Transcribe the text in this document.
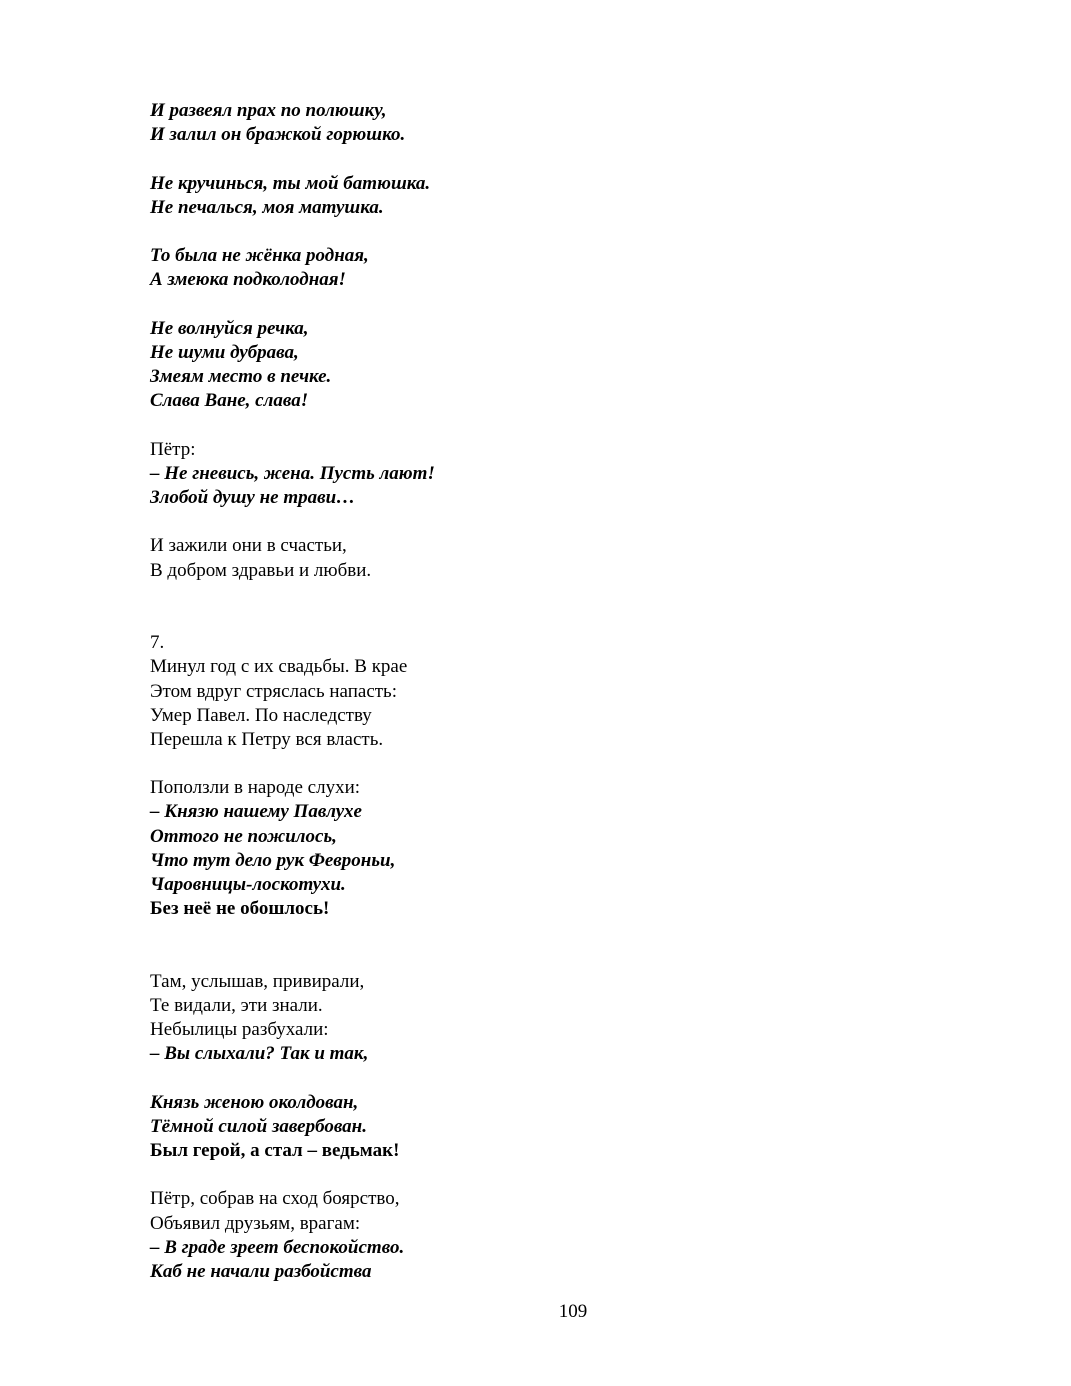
И развеял прах по полюшку,
И залил он бражкой горюшко.
Не кручинься, ты мой батюшка.
Не печалься, моя матушка.
То была не жёнка родная,
А змеюка подколодная!
Не волнуйся речка,
Не шуми дубрава,
Змеям место в печке.
Слава Ване, слава!
Пётр:
– Не гневись, жена. Пусть лают!
Злобой душу не трави…
И зажили они в счастьи,
В добром здравьи и любви.
7.
Минул год с их свадьбы. В крае
Этом вдруг стряслась напасть:
Умер Павел. По наследству
Перешла к Петру вся власть.
Поползли в народе слухи:
– Князю нашему Павлухе
Оттого не пожилось,
Что тут дело рук Февроньи,
Чаровницы-лоскотухи.
Без неё не обошлось!
Там, услышав, привирали,
Те видали, эти знали.
Небылицы разбухали:
– Вы слыхали? Так и так,
Князь женою околдован,
Тёмной силой завербован.
Был герой, а стал – ведьмак!
Пётр, собрав на сход боярство,
Объявил друзьям, врагам:
– В граде зреет беспокойство.
Каб не начали разбойства
109
